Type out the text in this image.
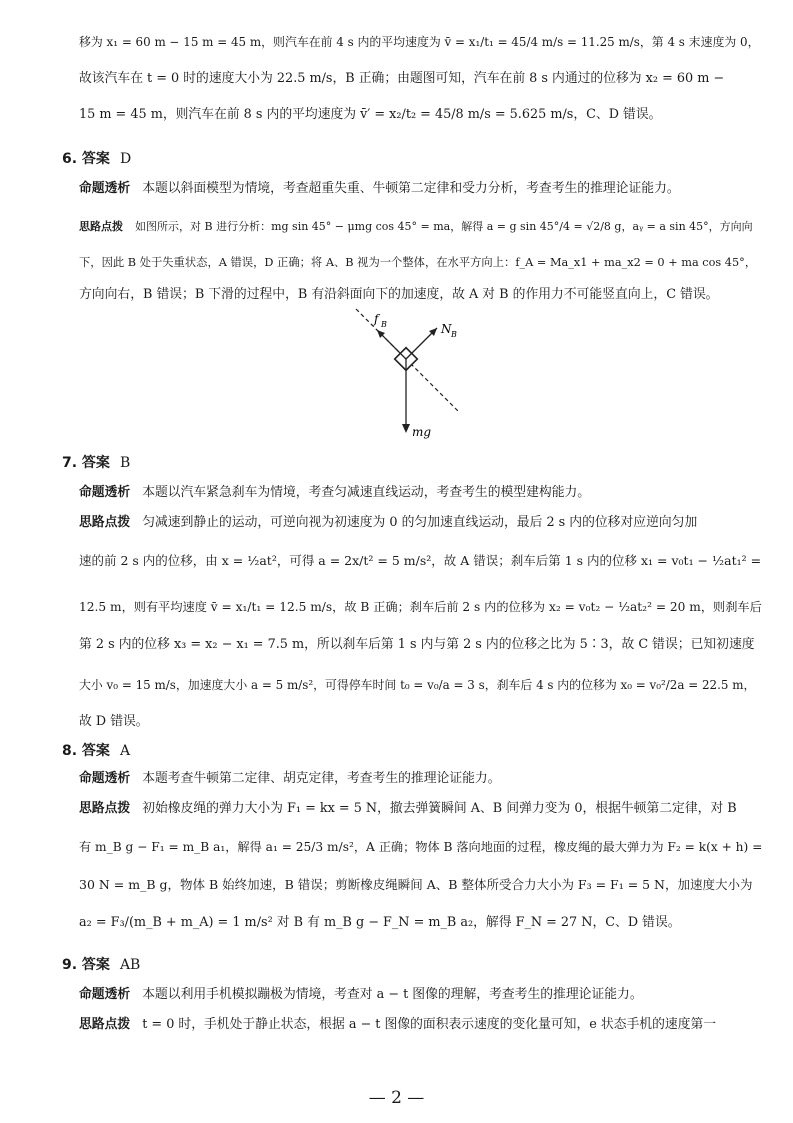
移为 x₁ = 60 m − 15 m = 45 m，则汽车在前 4 s 内的平均速度为 v̄ = x₁/t₁ = 45/4 m/s = 11.25 m/s，第 4 s 末速度为 0，
故该汽车在 t = 0 时的速度大小为 22.5 m/s，B 正确；由题图可知，汽车在前 8 s 内通过的位移为 x₂ = 60 m −
15 m = 45 m，则汽车在前 8 s 内的平均速度为 v̄′ = x₂/t₂ = 45/8 m/s = 5.625 m/s，C、D 错误。
6. 答案 D
命题透析 本题以斜面模型为情境，考查超重失重、牛顿第二定律和受力分析，考查考生的推理论证能力。
思路点拨 如图所示，对 B 进行分析：mg sin 45° − μmg cos 45° = ma，解得 a = g sin 45°/4 = √2/8 g，aᵧ = a sin 45°，方向向
下，因此 B 处于失重状态，A 错误，D 正确；将 A、B 视为一个整体，在水平方向上：f_A = Ma_x1 + ma_x2 = 0 + ma cos 45°，
方向向右，B 错误；B 下滑的过程中，B 有沿斜面向下的加速度，故 A 对 B 的作用力不可能竖直向上，C 错误。
f B	N B
mg
7. 答案 B
命题透析 本题以汽车紧急刹车为情境，考查匀减速直线运动，考查考生的模型建构能力。
思路点拨 匀减速到静止的运动，可逆向视为初速度为 0 的匀加速直线运动，最后 2 s 内的位移对应逆向匀加
速的前 2 s 内的位移，由 x = ½at²，可得 a = 2x/t² = 5 m/s²，故 A 错误；刹车后第 1 s 内的位移 x₁ = v₀t₁ − ½at₁² =
12.5 m，则有平均速度 v̄ = x₁/t₁ = 12.5 m/s，故 B 正确；刹车后前 2 s 内的位移为 x₂ = v₀t₂ − ½at₂² = 20 m，则刹车后
第 2 s 内的位移 x₃ = x₂ − x₁ = 7.5 m，所以刹车后第 1 s 内与第 2 s 内的位移之比为 5∶3，故 C 错误；已知初速度
大小 v₀ = 15 m/s，加速度大小 a = 5 m/s²，可得停车时间 t₀ = v₀/a = 3 s，刹车后 4 s 内的位移为 x₀ = v₀²/2a = 22.5 m，
故 D 错误。
8. 答案 A
命题透析 本题考查牛顿第二定律、胡克定律，考查考生的推理论证能力。
思路点拨 初始橡皮绳的弹力大小为 F₁ = kx = 5 N，撤去弹簧瞬间 A、B 间弹力变为 0，根据牛顿第二定律，对 B
有 m_B g − F₁ = m_B a₁，解得 a₁ = 25/3 m/s²，A 正确；物体 B 落向地面的过程，橡皮绳的最大弹力为 F₂ = k(x + h) =
30 N = m_B g，物体 B 始终加速，B 错误；剪断橡皮绳瞬间 A、B 整体所受合力大小为 F₃ = F₁ = 5 N，加速度大小为
a₂ = F₃/(m_B + m_A) = 1 m/s² 对 B 有 m_B g − F_N = m_B a₂，解得 F_N = 27 N，C、D 错误。
9. 答案 AB
命题透析 本题以利用手机模拟蹦极为情境，考查对 a − t 图像的理解，考查考生的推理论证能力。
思路点拨 t = 0 时，手机处于静止状态，根据 a − t 图像的面积表示速度的变化量可知，e 状态手机的速度第一
— 2 —
